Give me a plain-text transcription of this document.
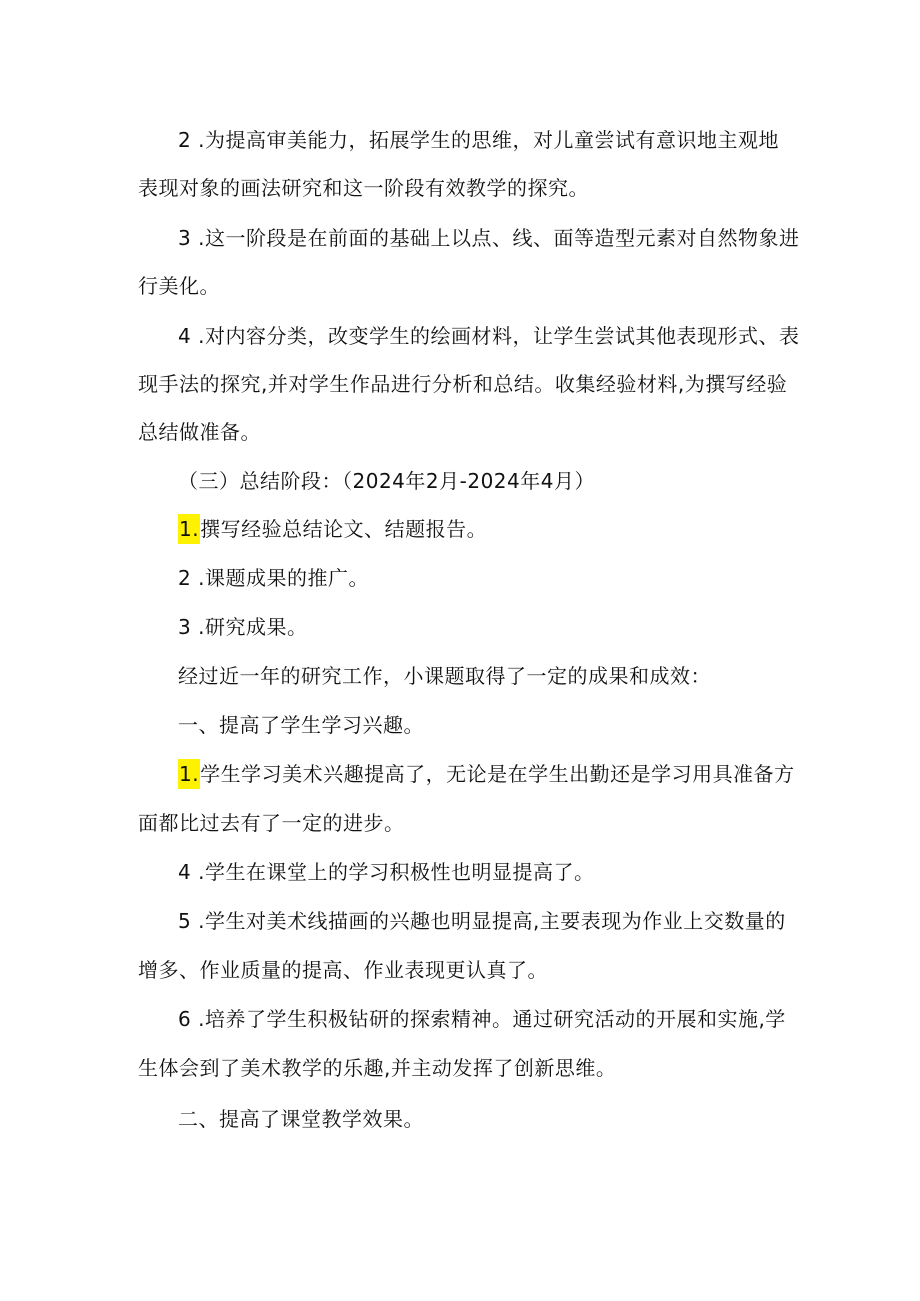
2 .为提高审美能力，拓展学生的思维，对儿童尝试有意识地主观地
表现对象的画法研究和这一阶段有效教学的探究。
3 .这一阶段是在前面的基础上以点、线、面等造型元素对自然物象进
行美化。
4 .对内容分类，改变学生的绘画材料，让学生尝试其他表现形式、表
现手法的探究,并对学生作品进行分析和总结。收集经验材料,为撰写经验
总结做准备。
（三）总结阶段：（2024年2月-2024年4月）
1.撰写经验总结论文、结题报告。
2 .课题成果的推广。
3 .研究成果。
经过近一年的研究工作，小课题取得了一定的成果和成效：
一、提高了学生学习兴趣。
1.学生学习美术兴趣提高了，无论是在学生出勤还是学习用具准备方
面都比过去有了一定的进步。
4 .学生在课堂上的学习积极性也明显提高了。
5 .学生对美术线描画的兴趣也明显提高,主要表现为作业上交数量的
增多、作业质量的提高、作业表现更认真了。
6 .培养了学生积极钻研的探索精神。通过研究活动的开展和实施,学
生体会到了美术教学的乐趣,并主动发挥了创新思维。
二、提高了课堂教学效果。
